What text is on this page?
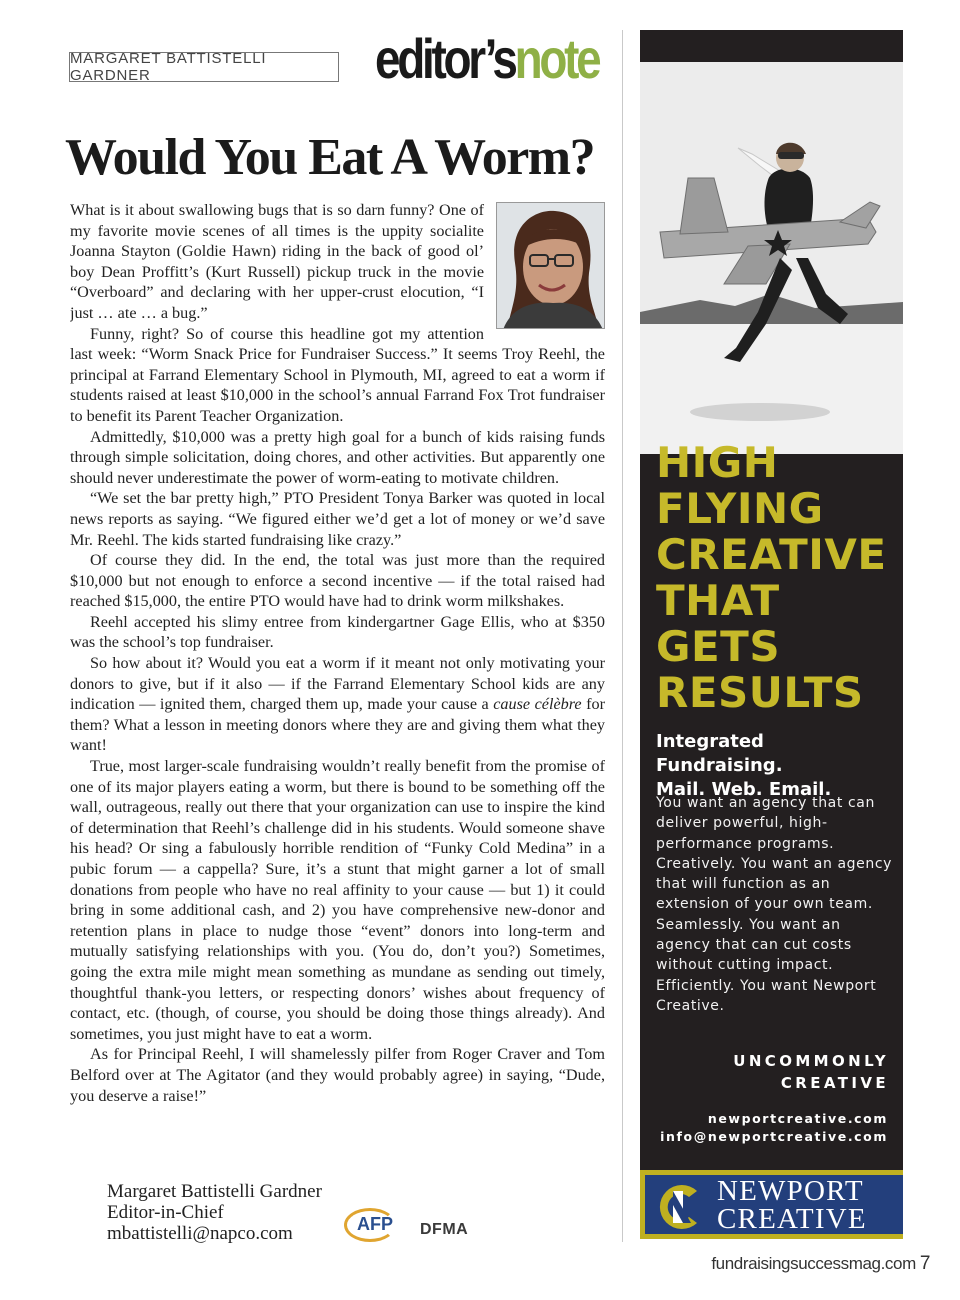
MARGARET BATTISTELLI GARDNER	editor’s note
Would You Eat A Worm?

What is it about swallowing bugs that is so darn funny? One of my favorite movie scenes of all times is the uppity socialite Joanna Stayton (Goldie Hawn) riding in the back of good ol’ boy Dean Proffitt’s (Kurt Russell) pickup truck in the movie “Overboard” and declaring with her upper-crust elocution, “I just … ate … a bug.”

Funny, right? So of course this headline got my attention last week: “Worm Snack Price for Fundraiser Success.” It seems Troy Reehl, the principal at Farrand Elementary School in Plymouth, MI, agreed to eat a worm if students raised at least $10,000 in the school’s annual Farrand Fox Trot fundraiser to benefit its Parent Teacher Organization.

Admittedly, $10,000 was a pretty high goal for a bunch of kids raising funds through simple solicitation, doing chores, and other activities. But apparently one should never underestimate the power of worm-eating to motivate children.

“We set the bar pretty high,” PTO President Tonya Barker was quoted in local news reports as saying. “We figured either we’d get a lot of money or we’d save Mr. Reehl. The kids started fundraising like crazy.”

Of course they did. In the end, the total was just more than the required $10,000 but not enough to enforce a second incentive — if the total raised had reached $15,000, the entire PTO would have had to drink worm milkshakes.

Reehl accepted his slimy entree from kindergartner Gage Ellis, who at $350 was the school’s top fundraiser.

So how about it? Would you eat a worm if it meant not only motivating your donors to give, but if it also — if the Farrand Elementary School kids are any indication — ignited them, charged them up, made your cause a cause célèbre for them? What a lesson in meeting donors where they are and giving them what they want!

True, most larger-scale fundraising wouldn’t really benefit from the promise of one of its major players eating a worm, but there is bound to be something off the wall, outrageous, really out there that your organization can use to inspire the kind of determination that Reehl’s challenge did in his students. Would someone shave his head? Or sing a fabulously horrible rendition of “Funky Cold Medina” in a pubic forum — a cappella? Sure, it’s a stunt that might garner a lot of small donations from people who have no real affinity to your cause — but 1) it could bring in some additional cash, and 2) you have comprehensive new-donor and retention plans in place to nudge those “event” donors into long-term and mutually satisfying relationships with you. (You do, don’t you?) Sometimes, going the extra mile might mean something as mundane as sending out timely, thoughtful thank-you letters, or respecting donors’ wishes about frequency of contact, etc. (though, of course, you should be doing those things already). And sometimes, you just might have to eat a worm.

As for Principal Reehl, I will shamelessly pilfer from Roger Craver and Tom Belford over at The Agitator (and they would probably agree) in saying, “Dude, you deserve a raise!”

Margaret Battistelli Gardner
Editor-in-Chief
mbattistelli@napco.com	AFP DFMA
HIGH
FLYING
CREATIVE
THAT
GETS
RESULTS
Integrated Fundraising.
Mail. Web. Email.
You want an agency that can deliver powerful, high-performance programs. Creatively. You want an agency that will function as an extension of your own team. Seamlessly. You want an agency that can cut costs without cutting impact. Efficiently. You want Newport Creative.
UNCOMMONLY
CREATIVE
newportcreative.com
info@newportcreative.com
NEWPORT
CREATIVE
fundraisingsuccessmag.com 7
